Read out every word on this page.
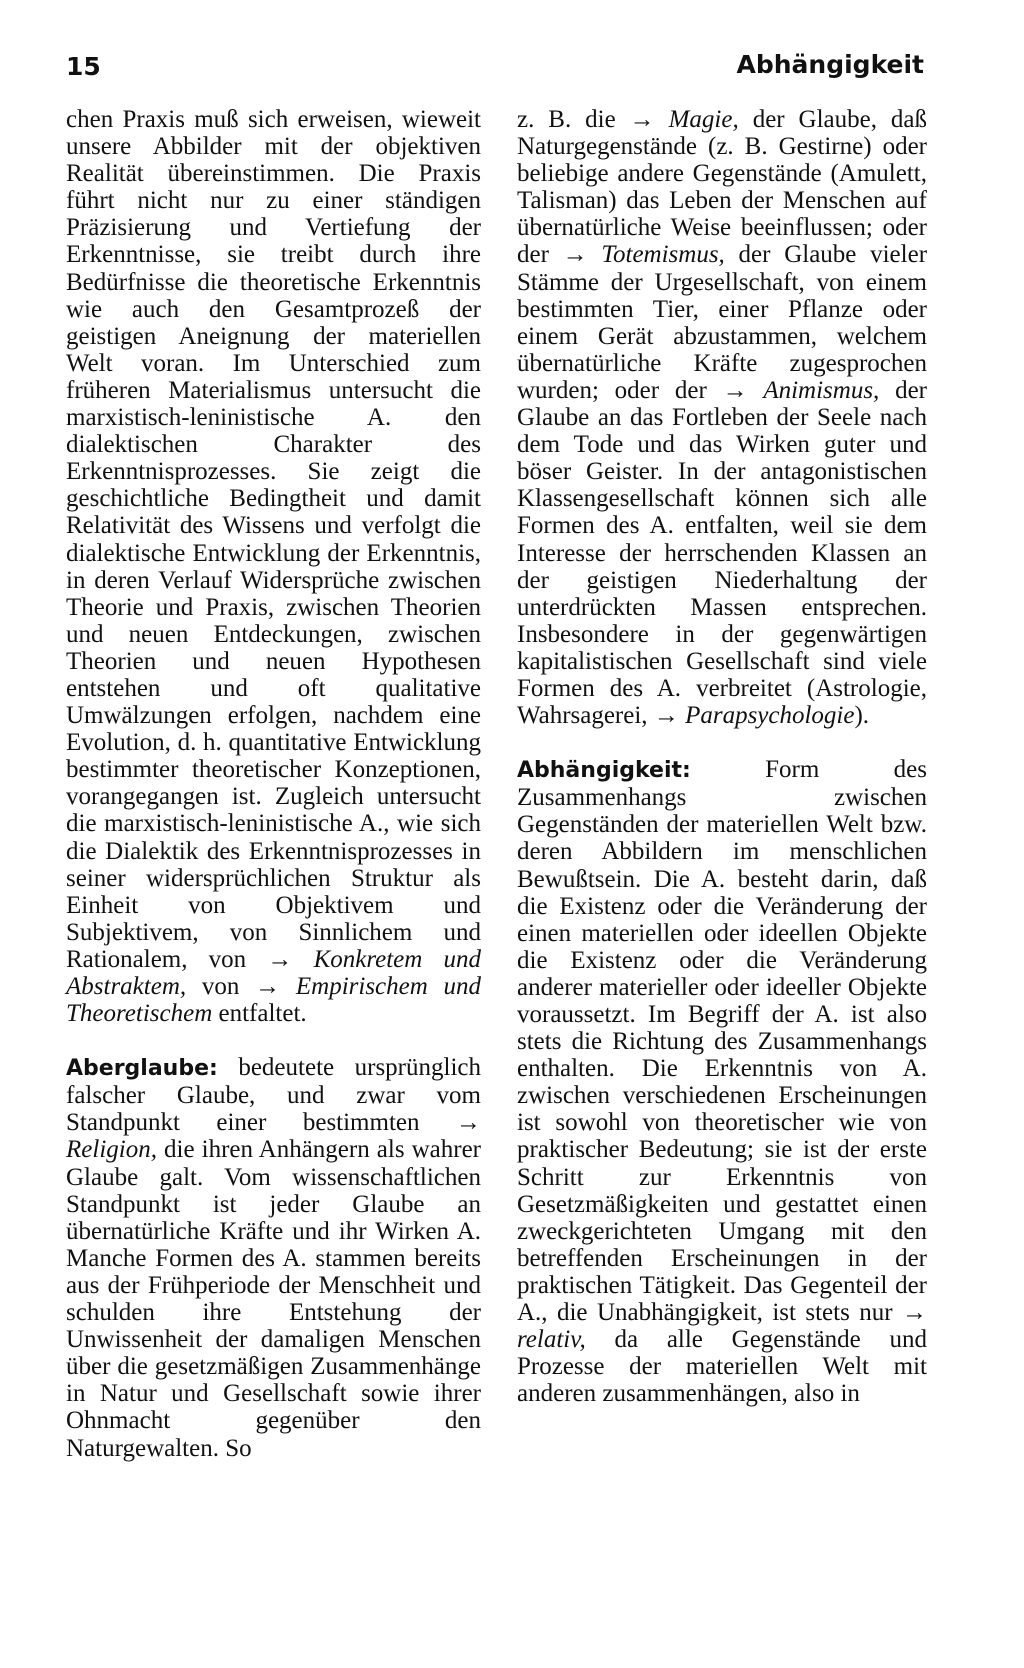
15	Abhängigkeit

chen Praxis muß sich erweisen, wieweit unsere Abbilder mit der objektiven Realität übereinstimmen. Die Praxis führt nicht nur zu einer ständigen Präzisierung und Vertiefung der Erkenntnisse, sie treibt durch ihre Bedürfnisse die theoretische Erkenntnis wie auch den Gesamtprozeß der geistigen Aneignung der materiellen Welt voran. Im Unterschied zum früheren Materialismus untersucht die marxistisch-leninistische A. den dialektischen Charakter des Erkenntnisprozesses. Sie zeigt die geschichtliche Bedingtheit und damit Relativität des Wissens und verfolgt die dialektische Entwicklung der Erkenntnis, in deren Verlauf Widersprüche zwischen Theorie und Praxis, zwischen Theorien und neuen Entdeckungen, zwischen Theorien und neuen Hypothesen entstehen und oft qualitative Umwälzungen erfolgen, nachdem eine Evolution, d. h. quantitative Entwicklung bestimmter theoretischer Konzeptionen, vorangegangen ist. Zugleich untersucht die marxistisch-leninistische A., wie sich die Dialektik des Erkenntnisprozesses in seiner widersprüchlichen Struktur als Einheit von Objektivem und Subjektivem, von Sinnlichem und Rationalem, von → Konkretem und Abstraktem, von → Empirischem und Theoretischem entfaltet.

Aberglaube: bedeutete ursprünglich falscher Glaube, und zwar vom Standpunkt einer bestimmten → Religion, die ihren Anhängern als wahrer Glaube galt. Vom wissenschaftlichen Standpunkt ist jeder Glaube an übernatürliche Kräfte und ihr Wirken A. Manche Formen des A. stammen bereits aus der Frühperiode der Menschheit und schulden ihre Entstehung der Unwissenheit der damaligen Menschen über die gesetzmäßigen Zusammenhänge in Natur und Gesellschaft sowie ihrer Ohnmacht gegenüber den Naturgewalten. So

z. B. die → Magie, der Glaube, daß Naturgegenstände (z. B. Gestirne) oder beliebige andere Gegenstände (Amulett, Talisman) das Leben der Menschen auf übernatürliche Weise beeinflussen; oder der → Totemismus, der Glaube vieler Stämme der Urgesellschaft, von einem bestimmten Tier, einer Pflanze oder einem Gerät abzustammen, welchem übernatürliche Kräfte zugesprochen wurden; oder der → Animismus, der Glaube an das Fortleben der Seele nach dem Tode und das Wirken guter und böser Geister. In der antagonistischen Klassengesellschaft können sich alle Formen des A. entfalten, weil sie dem Interesse der herrschenden Klassen an der geistigen Niederhaltung der unterdrückten Massen entsprechen. Insbesondere in der gegenwärtigen kapitalistischen Gesellschaft sind viele Formen des A. verbreitet (Astrologie, Wahrsagerei, → Parapsychologie).

Abhängigkeit:	Form des Zusammenhangs zwischen Gegenständen der materiellen Welt bzw. deren Abbildern im menschlichen Bewußtsein. Die A. besteht darin, daß die Existenz oder die Veränderung der einen materiellen oder ideellen Objekte die Existenz oder die Veränderung anderer materieller oder ideeller Objekte voraussetzt. Im Begriff der A. ist also stets die Richtung des Zusammenhangs enthalten. Die Erkenntnis von A. zwischen verschiedenen Erscheinungen ist sowohl von theoretischer wie von praktischer Bedeutung; sie ist der erste Schritt zur Erkenntnis von Gesetzmäßigkeiten und gestattet einen zweckgerichteten Umgang mit den betreffenden Erscheinungen in der praktischen Tätigkeit. Das Gegenteil der A., die Unabhängigkeit, ist stets nur → relativ, da alle Gegenstände und Prozesse der materiellen Welt mit anderen zusammenhängen, also in
